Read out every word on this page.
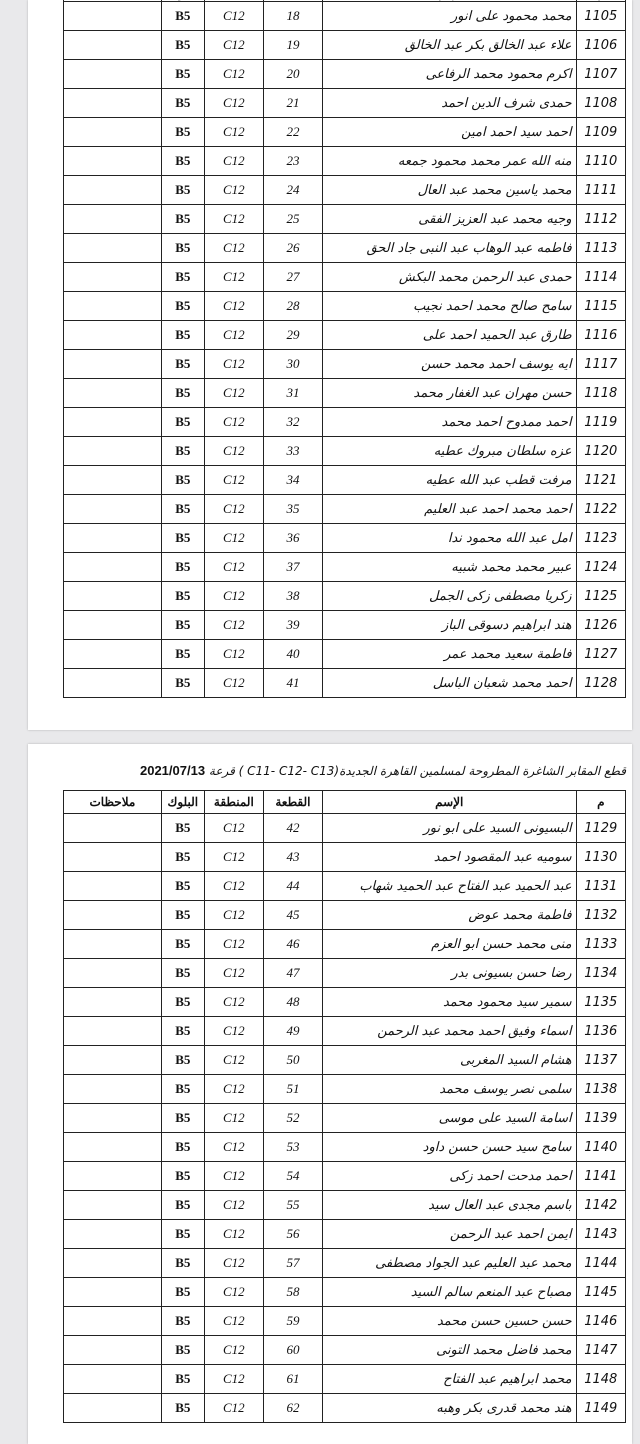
1105	محمد محمود على انور	18	C12	B5	
1106	علاء عبد الخالق بكر عبد الخالق	19	C12	B5	
1107	اكرم محمود محمد الرفاعى	20	C12	B5	
1108	حمدى شرف الدين احمد	21	C12	B5	
1109	احمد سيد احمد امين	22	C12	B5	
1110	منه الله عمر محمد محمود جمعه	23	C12	B5	
1111	محمد ياسين محمد عبد العال	24	C12	B5	
1112	وجيه محمد عبد العزيز الفقى	25	C12	B5	
1113	فاطمه عبد الوهاب عبد النبى جاد الحق	26	C12	B5	
1114	حمدى عبد الرحمن محمد البكش	27	C12	B5	
1115	سامح صالح محمد احمد نجيب	28	C12	B5	
1116	طارق عبد الحميد احمد على	29	C12	B5	
1117	ايه يوسف احمد محمد حسن	30	C12	B5	
1118	حسن مهران عبد الغفار محمد	31	C12	B5	
1119	احمد ممدوح احمد محمد	32	C12	B5	
1120	عزه سلطان مبروك عطيه	33	C12	B5	
1121	مرفت قطب عبد الله عطيه	34	C12	B5	
1122	احمد محمد احمد عبد العليم	35	C12	B5	
1123	امل عبد الله محمود ندا	36	C12	B5	
1124	عبير محمد محمد شبيه	37	C12	B5	
1125	زكريا مصطفى زكى الجمل	38	C12	B5	
1126	هند ابراهيم دسوقى الباز	39	C12	B5	
1127	فاطمة سعيد محمد عمر	40	C12	B5	
1128	احمد محمد شعبان الباسل	41	C12	B5	
قطع المقابر الشاغرة المطروحة لمسلمين القاهرة الجديدة(C11- C12- C13 ) قرعة 2021/07/13
م	الإسم	القطعة	المنطقة	البلوك	ملاحظات
1129	البسيونى السيد على ابو نور	42	C12	B5	
1130	سوميه عبد المقصود احمد	43	C12	B5	
1131	عبد الحميد عبد الفتاح عبد الحميد شهاب	44	C12	B5	
1132	فاطمة محمد عوض	45	C12	B5	
1133	منى محمد حسن ابو العزم	46	C12	B5	
1134	رضا حسن بسيونى بدر	47	C12	B5	
1135	سمير سيد محمود محمد	48	C12	B5	
1136	اسماء وفيق احمد محمد عبد الرحمن	49	C12	B5	
1137	هشام السيد المغربى	50	C12	B5	
1138	سلمى نصر يوسف محمد	51	C12	B5	
1139	اسامة السيد على موسى	52	C12	B5	
1140	سامح سيد حسن حسن داود	53	C12	B5	
1141	احمد مدحت احمد زكى	54	C12	B5	
1142	باسم مجدى عبد العال سيد	55	C12	B5	
1143	ايمن احمد عبد الرحمن	56	C12	B5	
1144	محمد عبد العليم عبد الجواد مصطفى	57	C12	B5	
1145	مصباح عبد المنعم سالم السيد	58	C12	B5	
1146	حسن حسين حسن محمد	59	C12	B5	
1147	محمد فاضل محمد التونى	60	C12	B5	
1148	محمد ابراهيم عبد الفتاح	61	C12	B5	
1149	هند محمد قدرى بكر وهبه	62	C12	B5	
